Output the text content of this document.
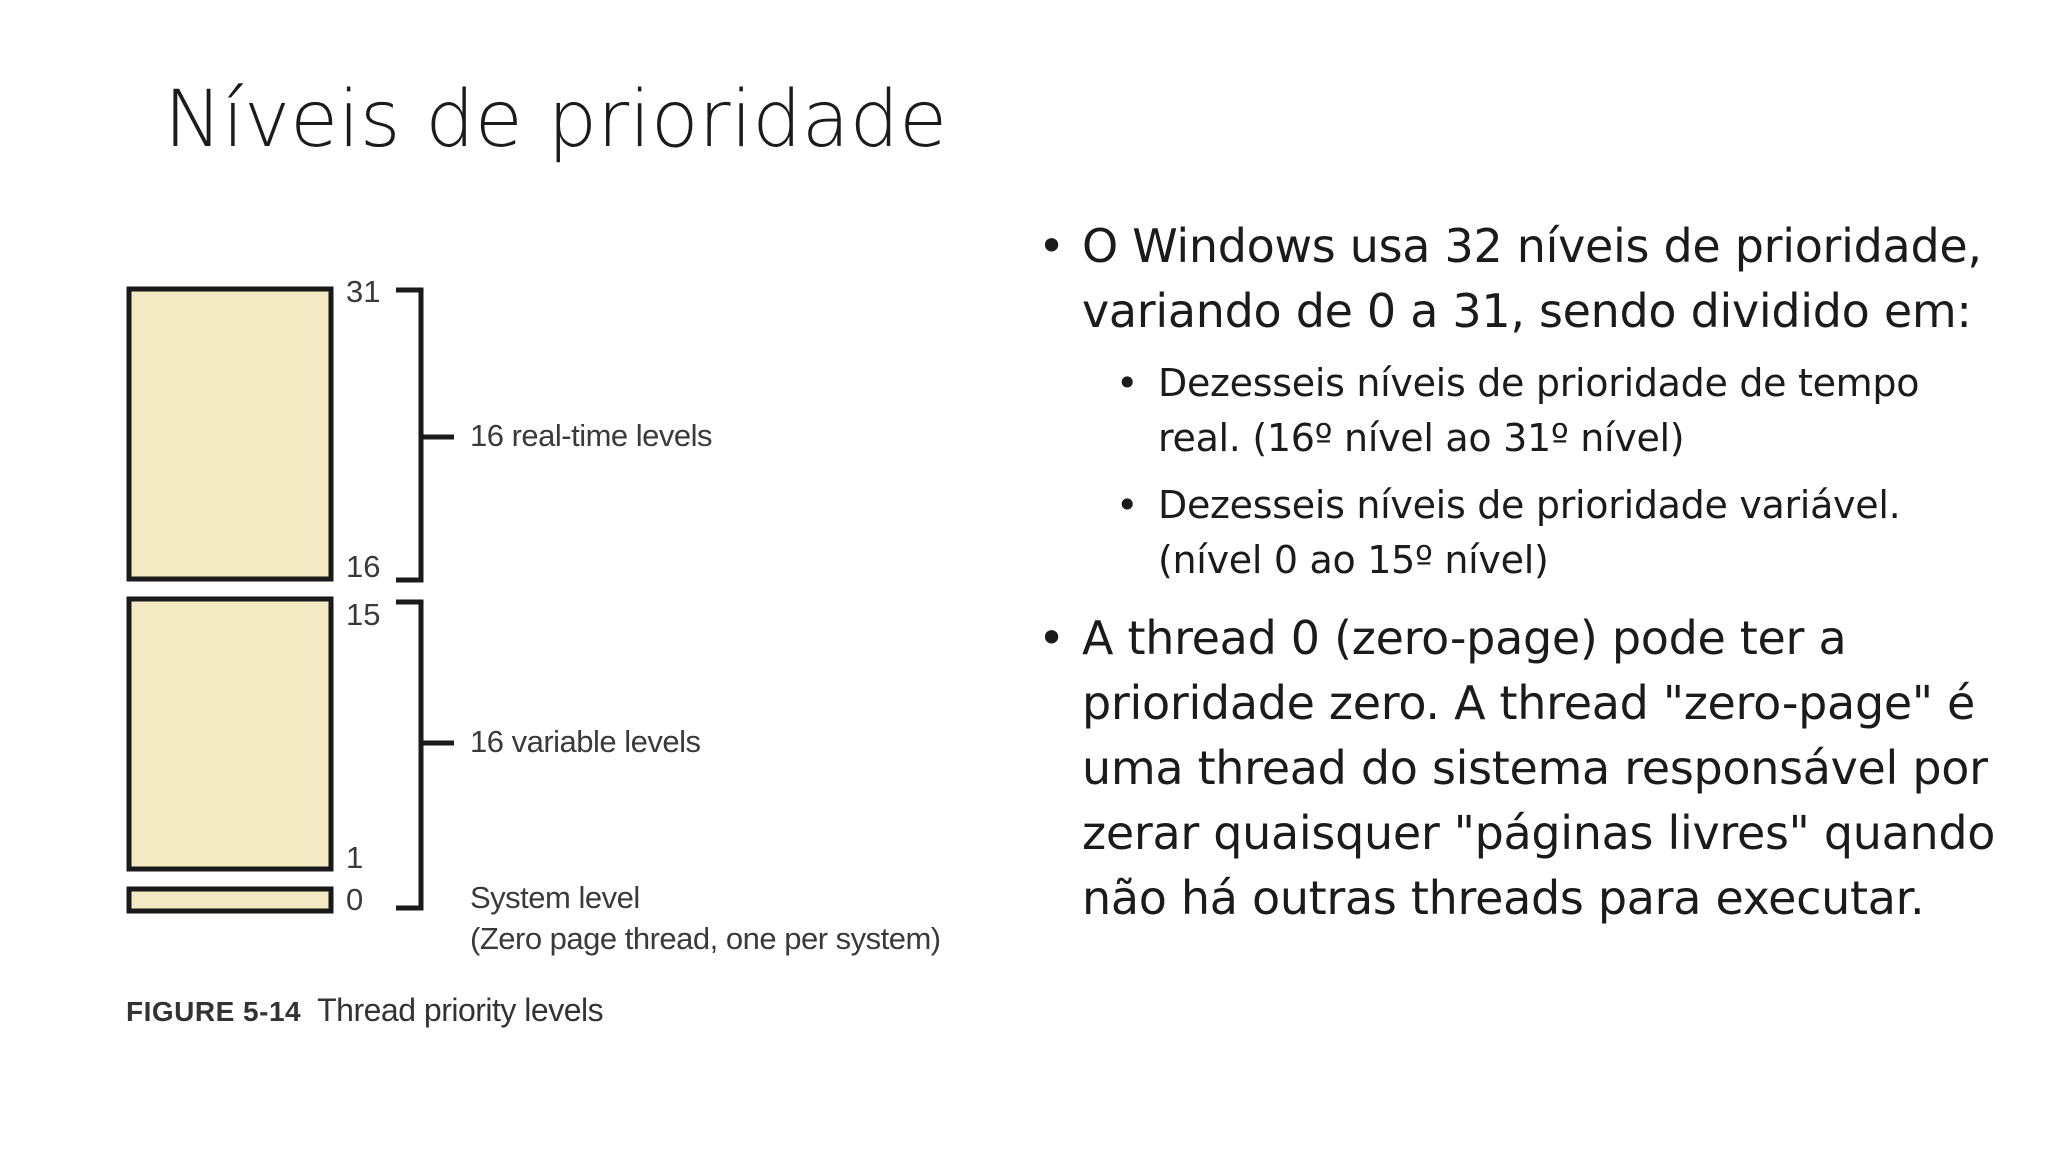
Níveis de prioridade
31
16
15
1
0
16 real-time levels
16 variable levels
System level
(Zero page thread, one per system)
FIGURE 5-14 Thread priority levels
• O Windows usa 32 níveis de prioridade, variando de 0 a 31, sendo dividido em:
• Dezesseis níveis de prioridade de tempo real. (16º nível ao 31º nível)
• Dezesseis níveis de prioridade variável. (nível 0 ao 15º nível)
• A thread 0 (zero-page) pode ter a prioridade zero. A thread "zero-page" é uma thread do sistema responsável por zerar quaisquer "páginas livres" quando não há outras threads para executar.
